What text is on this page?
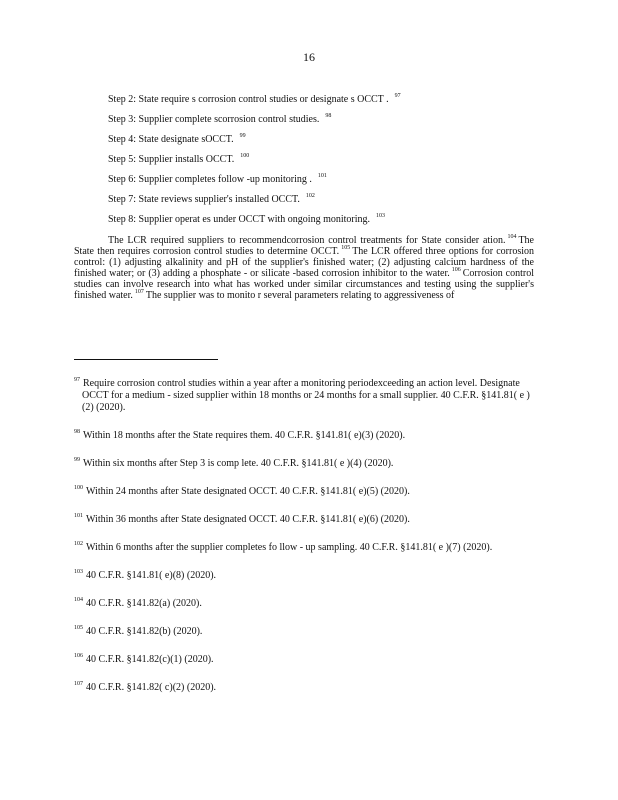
16
Step 2: State require s corrosion control studies or designate s OCCT . $^{97}$
Step 3: Supplier complete scorrosion control studies. $^{98}$
Step 4: State designate sOCCT. $^{99}$
Step 5: Supplier installs OCCT. $^{100}$
Step 6: Supplier completes follow -up monitoring . $^{101}$
Step 7: State reviews supplier's installed OCCT. $^{102}$
Step 8: Supplier operat es under OCCT with ongoing monitoring. $^{103}$

The LCR required suppliers to recommendcorrosion control treatments for State consider ation. $^{104}$ The State then requires corrosion control studies to determine OCCT. $^{105}$ The LCR offered three options for corrosion control: (1) adjusting alkalinity and pH of the supplier's finished water; (2) adjusting calcium hardness of the finished water; or (3) adding a phosphate - or silicate -based corrosion inhibitor to the water. $^{106}$ Corrosion control studies can involve research into what has worked under similar circumstances and testing using the supplier's finished water. $^{107}$ The supplier was to monito r several parameters relating to aggressiveness of

$^{97}$ Require corrosion control studies within a year after a monitoring periodexceeding an action level. Designate OCCT for a medium - sized supplier within 18 months or 24 months for a small supplier. 40 C.F.R. §141.81( e )(2) (2020).
$^{98}$ Within 18 months after the State requires them. 40 C.F.R. §141.81( e)(3) (2020).
$^{99}$ Within six months after Step 3 is comp lete. 40 C.F.R. §141.81( e )(4) (2020).
$^{100}$ Within 24 months after State designated OCCT. 40 C.F.R. §141.81( e)(5) (2020).
$^{101}$ Within 36 months after State designated OCCT. 40 C.F.R. §141.81( e)(6) (2020).
$^{102}$ Within 6 months after the supplier completes fo llow - up sampling. 40 C.F.R. §141.81( e )(7) (2020).
$^{103}$ 40 C.F.R. §141.81( e)(8) (2020).
$^{104}$ 40 C.F.R. §141.82(a) (2020).
$^{105}$ 40 C.F.R. §141.82(b) (2020).
$^{106}$ 40 C.F.R. §141.82(c)(1) (2020).
$^{107}$ 40 C.F.R. §141.82( c)(2) (2020).
